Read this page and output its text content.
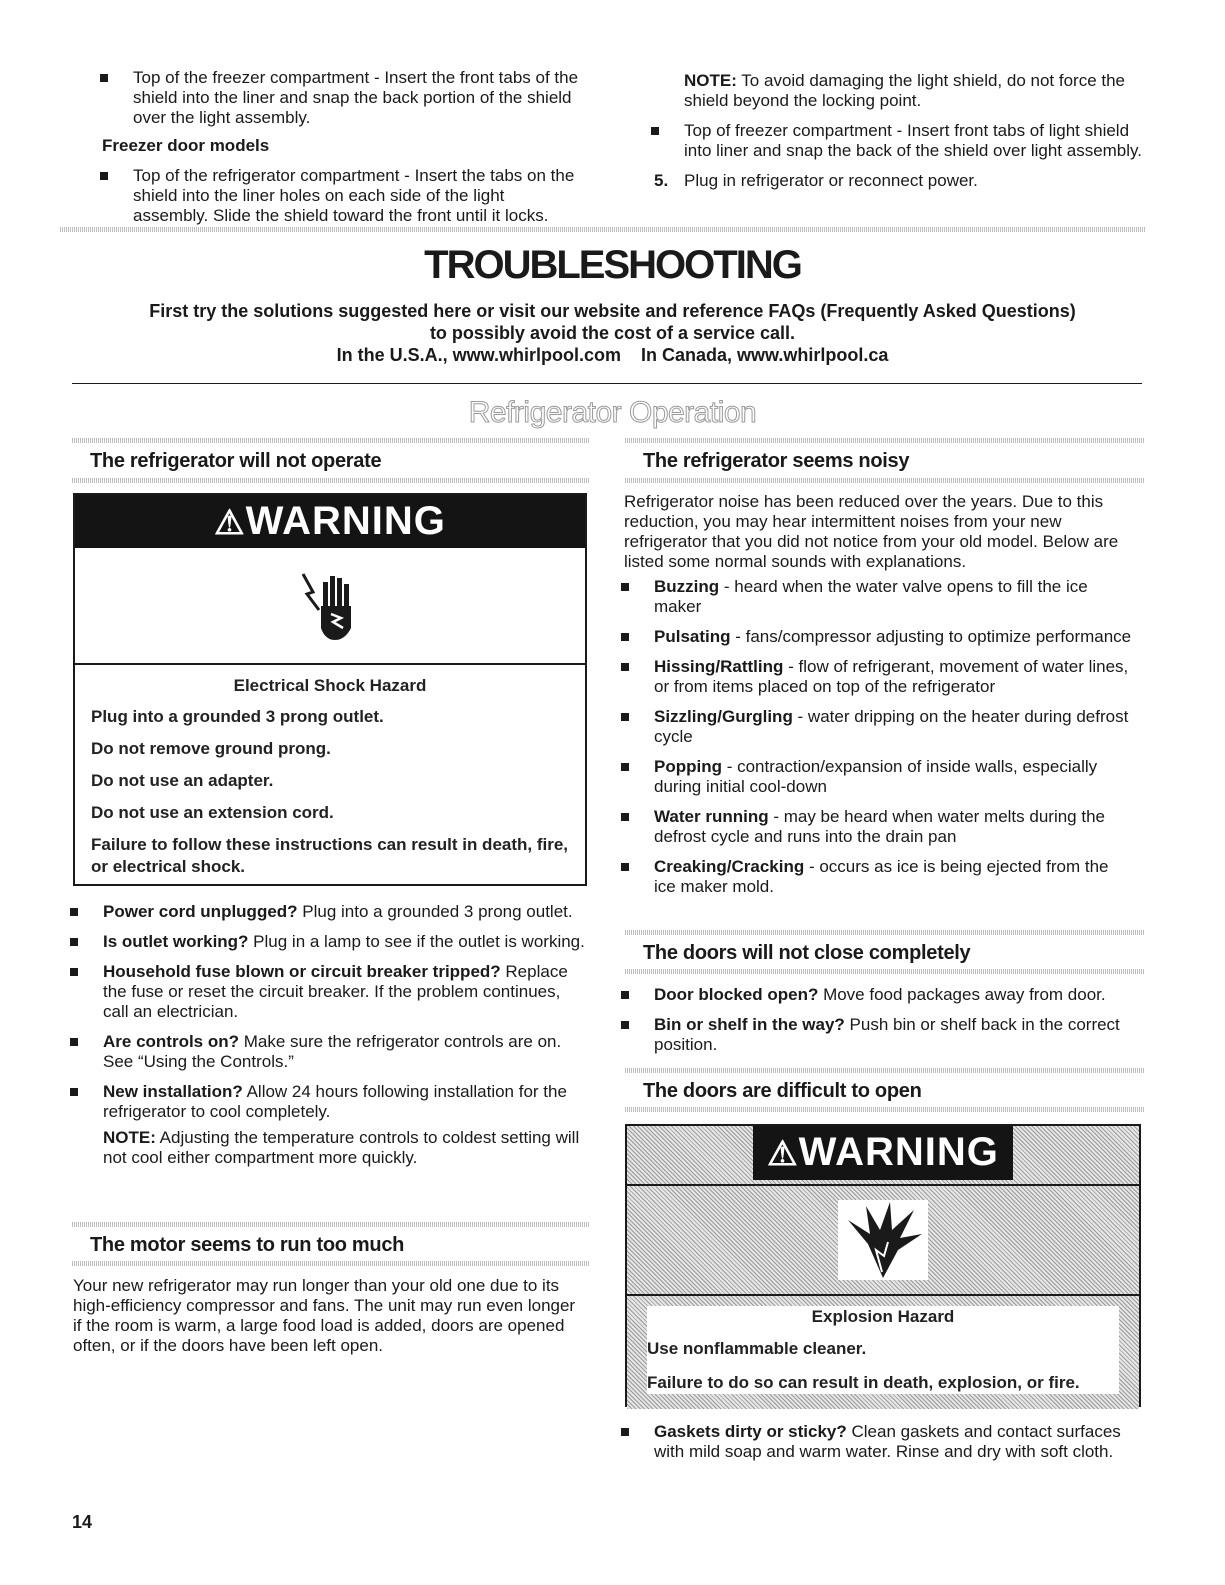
Top of the freezer compartment - Insert the front tabs of the shield into the liner and snap the back portion of the shield over the light assembly.
Freezer door models
Top of the refrigerator compartment - Insert the tabs on the shield into the liner holes on each side of the light assembly. Slide the shield toward the front until it locks.
NOTE: To avoid damaging the light shield, do not force the shield beyond the locking point.
Top of freezer compartment - Insert front tabs of light shield into liner and snap the back of the shield over light assembly.
5. Plug in refrigerator or reconnect power.
TROUBLESHOOTING
First try the solutions suggested here or visit our website and reference FAQs (Frequently Asked Questions)
to possibly avoid the cost of a service call.
In the U.S.A., www.whirlpool.com    In Canada, www.whirlpool.ca
Refrigerator Operation
The refrigerator will not operate
⚠WARNING
Electrical Shock Hazard
Plug into a grounded 3 prong outlet.
Do not remove ground prong.
Do not use an adapter.
Do not use an extension cord.
Failure to follow these instructions can result in death, fire, or electrical shock.
Power cord unplugged? Plug into a grounded 3 prong outlet.
Is outlet working? Plug in a lamp to see if the outlet is working.
Household fuse blown or circuit breaker tripped? Replace the fuse or reset the circuit breaker. If the problem continues, call an electrician.
Are controls on? Make sure the refrigerator controls are on. See “Using the Controls.”
New installation? Allow 24 hours following installation for the refrigerator to cool completely.
NOTE: Adjusting the temperature controls to coldest setting will not cool either compartment more quickly.
The motor seems to run too much
Your new refrigerator may run longer than your old one due to its high-efficiency compressor and fans. The unit may run even longer if the room is warm, a large food load is added, doors are opened often, or if the doors have been left open.
The refrigerator seems noisy
Refrigerator noise has been reduced over the years. Due to this reduction, you may hear intermittent noises from your new refrigerator that you did not notice from your old model. Below are listed some normal sounds with explanations.
Buzzing - heard when the water valve opens to fill the ice maker
Pulsating - fans/compressor adjusting to optimize performance
Hissing/Rattling - flow of refrigerant, movement of water lines, or from items placed on top of the refrigerator
Sizzling/Gurgling - water dripping on the heater during defrost cycle
Popping - contraction/expansion of inside walls, especially during initial cool-down
Water running - may be heard when water melts during the defrost cycle and runs into the drain pan
Creaking/Cracking - occurs as ice is being ejected from the ice maker mold.
The doors will not close completely
Door blocked open? Move food packages away from door.
Bin or shelf in the way? Push bin or shelf back in the correct position.
The doors are difficult to open
⚠WARNING
Explosion Hazard
Use nonflammable cleaner.
Failure to do so can result in death, explosion, or fire.
Gaskets dirty or sticky? Clean gaskets and contact surfaces with mild soap and warm water. Rinse and dry with soft cloth.
14
